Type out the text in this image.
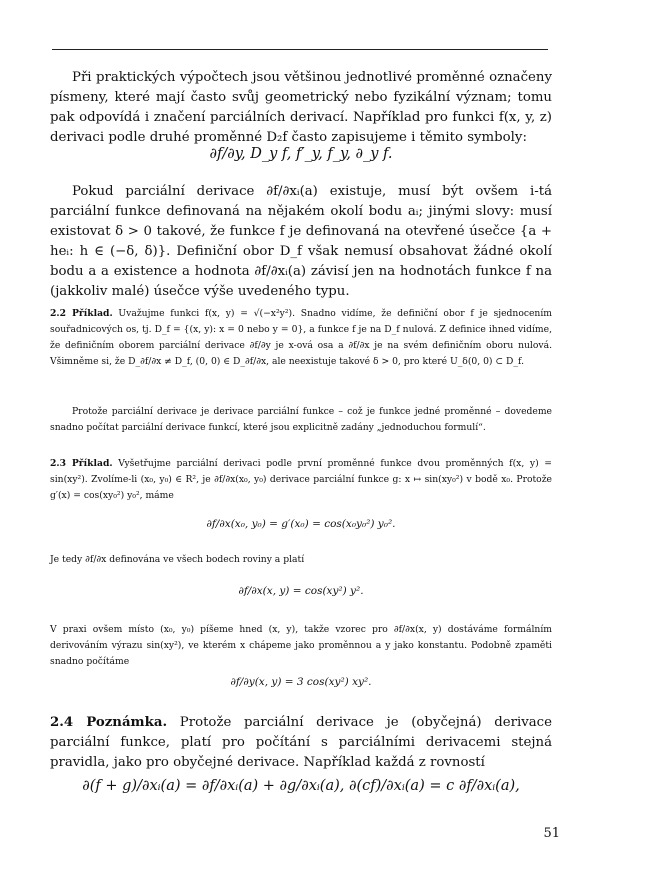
Při praktických výpočtech jsou většinou jednotlivé proměnné označeny písmeny, které mají často svůj geometrický nebo fyzikální význam; tomu pak odpovídá i značení parciálních derivací. Například pro funkci f(x, y, z) derivaci podle druhé proměnné D₂f často zapisujeme i těmito symboly:
∂f/∂y, D_y f, f′_y, f_y, ∂_y f.
Pokud parciální derivace ∂f/∂xᵢ(a) existuje, musí být ovšem i-tá parciální funkce definovaná na nějakém okolí bodu aᵢ; jinými slovy: musí existovat δ > 0 takové, že funkce f je definovaná na otevřené úsečce {a + heᵢ: h ∈ (−δ, δ)}. Definiční obor D_f však nemusí obsahovat žádné okolí bodu a a existence a hodnota ∂f/∂xᵢ(a) závisí jen na hodnotách funkce f na (jakkoliv malé) úsečce výše uvedeného typu.
2.2 Příklad. Uvažujme funkci f(x, y) = √(−x²y²). Snadno vidíme, že definiční obor f je sjednocením souřadnicových os, tj. D_f = {(x, y): x = 0 nebo y = 0}, a funkce f je na D_f nulová. Z definice ihned vidíme, že definičním oborem parciální derivace ∂f/∂y je x-ová osa a ∂f/∂x je na svém definičním oboru nulová. Všimněme si, že D_∂f/∂x ≠ D_f, (0, 0) ∈ D_∂f/∂x, ale neexistuje takové δ > 0, pro které U_δ(0, 0) ⊂ D_f.
Protože parciální derivace je derivace parciální funkce – což je funkce jedné proměnné – dovedeme snadno počítat parciální derivace funkcí, které jsou explicitně zadány „jednoduchou formulí“.
2.3 Příklad. Vyšetřujme parciální derivaci podle první proměnné funkce dvou proměnných f(x, y) = sin(xy²). Zvolíme-li (x₀, y₀) ∈ R², je ∂f/∂x(x₀, y₀) derivace parciální funkce g: x ↦ sin(xy₀²) v bodě x₀. Protože g′(x) = cos(xy₀²) y₀², máme
∂f/∂x(x₀, y₀) = g′(x₀) = cos(x₀y₀²) y₀².
Je tedy ∂f/∂x definována ve všech bodech roviny a platí
∂f/∂x(x, y) = cos(xy²) y².
V praxi ovšem místo (x₀, y₀) píšeme hned (x, y), takže vzorec pro ∂f/∂x(x, y) dostáváme formálním derivováním výrazu sin(xy²), ve kterém x chápeme jako proměnnou a y jako konstantu. Podobně zpaměti snadno počítáme
∂f/∂y(x, y) = 3 cos(xy²) xy².
2.4 Poznámka. Protože parciální derivace je (obyčejná) derivace parciální funkce, platí pro počítání s parciálními derivacemi stejná pravidla, jako pro obyčejné derivace. Například každá z rovností
∂(f + g)/∂xᵢ(a) = ∂f/∂xᵢ(a) + ∂g/∂xᵢ(a), ∂(cf)/∂xᵢ(a) = c ∂f/∂xᵢ(a),
51
